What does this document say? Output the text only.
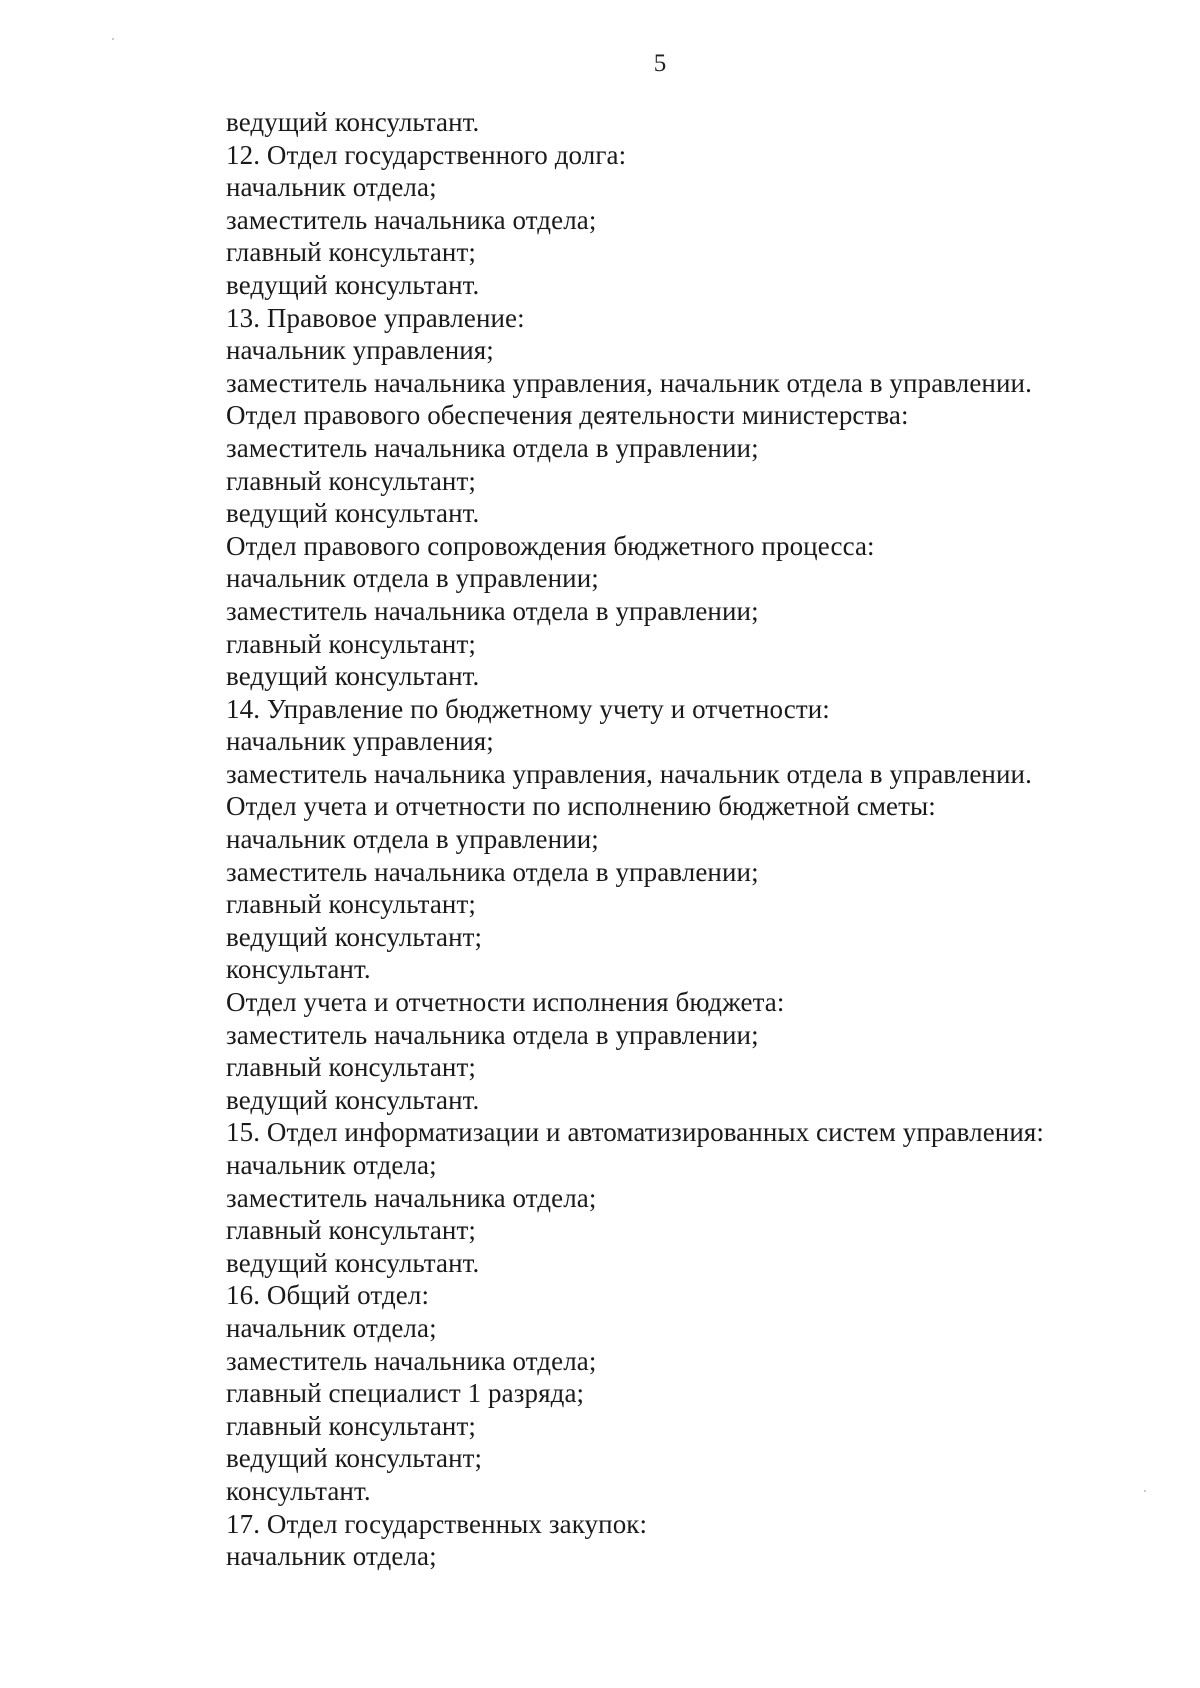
5
ведущий консультант.
12. Отдел государственного долга:
начальник отдела;
заместитель начальника отдела;
главный консультант;
ведущий консультант.
13. Правовое управление:
начальник управления;
заместитель начальника управления, начальник отдела в управлении.
Отдел правового обеспечения деятельности министерства:
заместитель начальника отдела в управлении;
главный консультант;
ведущий консультант.
Отдел правового сопровождения бюджетного процесса:
начальник отдела в управлении;
заместитель начальника отдела в управлении;
главный консультант;
ведущий консультант.
14. Управление по бюджетному учету и отчетности:
начальник управления;
заместитель начальника управления, начальник отдела в управлении.
Отдел учета и отчетности по исполнению бюджетной сметы:
начальник отдела в управлении;
заместитель начальника отдела в управлении;
главный консультант;
ведущий консультант;
консультант.
Отдел учета и отчетности исполнения бюджета:
заместитель начальника отдела в управлении;
главный консультант;
ведущий консультант.
15. Отдел информатизации и автоматизированных систем управления:
начальник отдела;
заместитель начальника отдела;
главный консультант;
ведущий консультант.
16. Общий отдел:
начальник отдела;
заместитель начальника отдела;
главный специалист 1 разряда;
главный консультант;
ведущий консультант;
консультант.
17. Отдел государственных закупок:
начальник отдела;
